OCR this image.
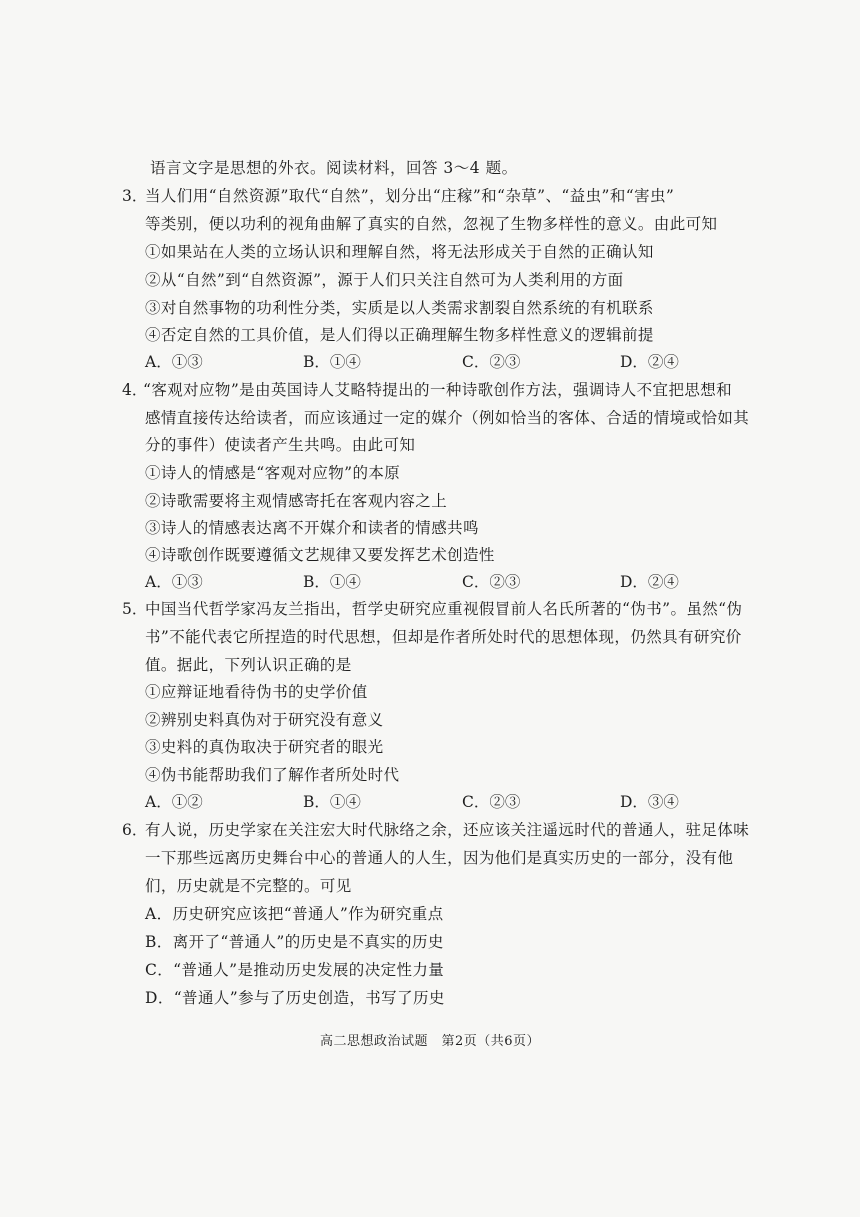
语言文字是思想的外衣。阅读材料，回答 3～4 题。
3．
当人们用“自然资源”取代“自然”，划分出“庄稼”和“杂草”、“益虫”和“害虫”
等类别，便以功利的视角曲解了真实的自然，忽视了生物多样性的意义。由此可知
①如果站在人类的立场认识和理解自然，将无法形成关于自然的正确认知
②从“自然”到“自然资源”，源于人们只关注自然可为人类利用的方面
③对自然事物的功利性分类，实质是以人类需求割裂自然系统的有机联系
④否定自然的工具价值，是人们得以正确理解生物多样性意义的逻辑前提
A．①③	B．①④	C．②③	D．②④
4．
“客观对应物”是由英国诗人艾略特提出的一种诗歌创作方法，强调诗人不宜把思想和
感情直接传达给读者，而应该通过一定的媒介（例如恰当的客体、合适的情境或恰如其
分的事件）使读者产生共鸣。由此可知
①诗人的情感是“客观对应物”的本原
②诗歌需要将主观情感寄托在客观内容之上
③诗人的情感表达离不开媒介和读者的情感共鸣
④诗歌创作既要遵循文艺规律又要发挥艺术创造性
A．①③	B．①④	C．②③	D．②④
5．
中国当代哲学家冯友兰指出，哲学史研究应重视假冒前人名氏所著的“伪书”。虽然“伪
书”不能代表它所捏造的时代思想，但却是作者所处时代的思想体现，仍然具有研究价
值。据此，下列认识正确的是
①应辩证地看待伪书的史学价值
②辨别史料真伪对于研究没有意义
③史料的真伪取决于研究者的眼光
④伪书能帮助我们了解作者所处时代
A．①②	B．①④	C．②③	D．③④
6．
有人说，历史学家在关注宏大时代脉络之余，还应该关注遥远时代的普通人，驻足体味
一下那些远离历史舞台中心的普通人的人生，因为他们是真实历史的一部分，没有他
们，历史就是不完整的。可见
A．历史研究应该把“普通人”作为研究重点
B．离开了“普通人”的历史是不真实的历史
C．“普通人”是推动历史发展的决定性力量
D．“普通人”参与了历史创造，书写了历史
高二思想政治试题　第2页（共6页）
